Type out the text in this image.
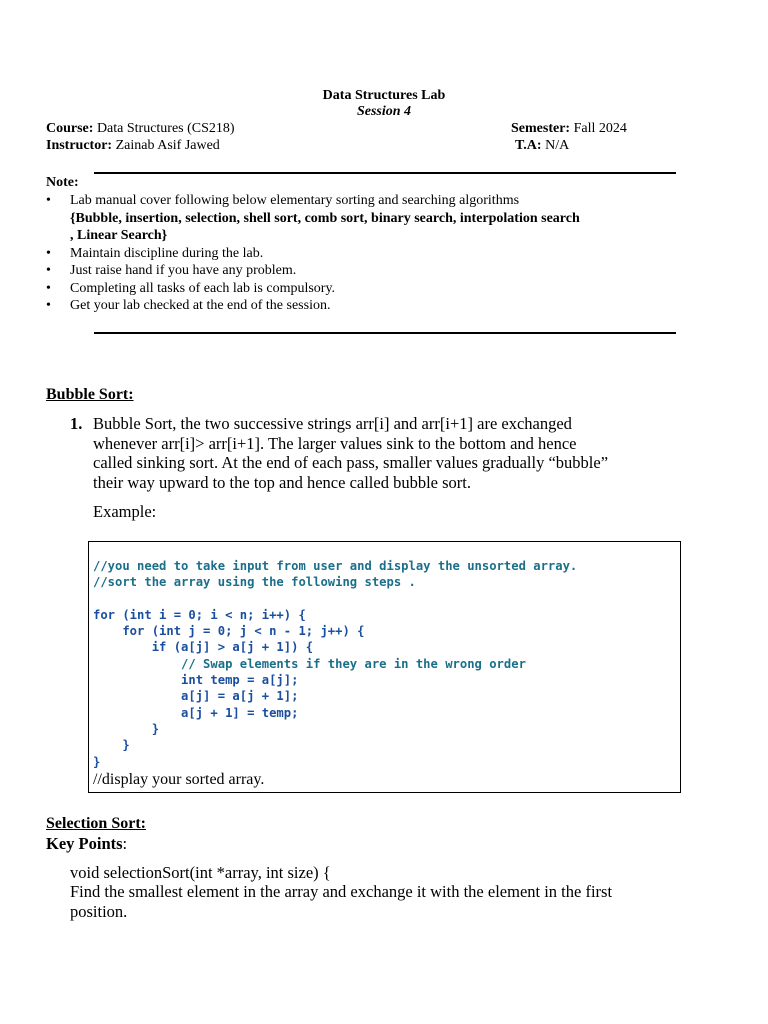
Data Structures Lab
Session 4
Course: Data Structures (CS218)	Semester: Fall 2024
Instructor: Zainab Asif Jawed	T.A: N/A
Note:
• Lab manual cover following below elementary sorting and searching algorithms
{Bubble, insertion, selection, shell sort, comb sort, binary search, interpolation search
, Linear Search}
• Maintain discipline during the lab.
• Just raise hand if you have any problem.
• Completing all tasks of each lab is compulsory.
• Get your lab checked at the end of the session.
Bubble Sort:
1. Bubble Sort, the two successive strings arr[i] and arr[i+1] are exchanged
whenever arr[i]> arr[i+1]. The larger values sink to the bottom and hence
called sinking sort. At the end of each pass, smaller values gradually “bubble”
their way upward to the top and hence called bubble sort.
Example:
//you need to take input from user and display the unsorted array.
//sort the array using the following steps .

for (int i = 0; i < n; i++) {
for (int j = 0; j < n - 1; j++) {
if (a[j] > a[j + 1]) {
// Swap elements if they are in the wrong order
int temp = a[j];
a[j] = a[j + 1];
a[j + 1] = temp;
}
}
}
//display your sorted array.
Selection Sort:
Key Points:
void selectionSort(int *array, int size) {
Find the smallest element in the array and exchange it with the element in the first
position.
